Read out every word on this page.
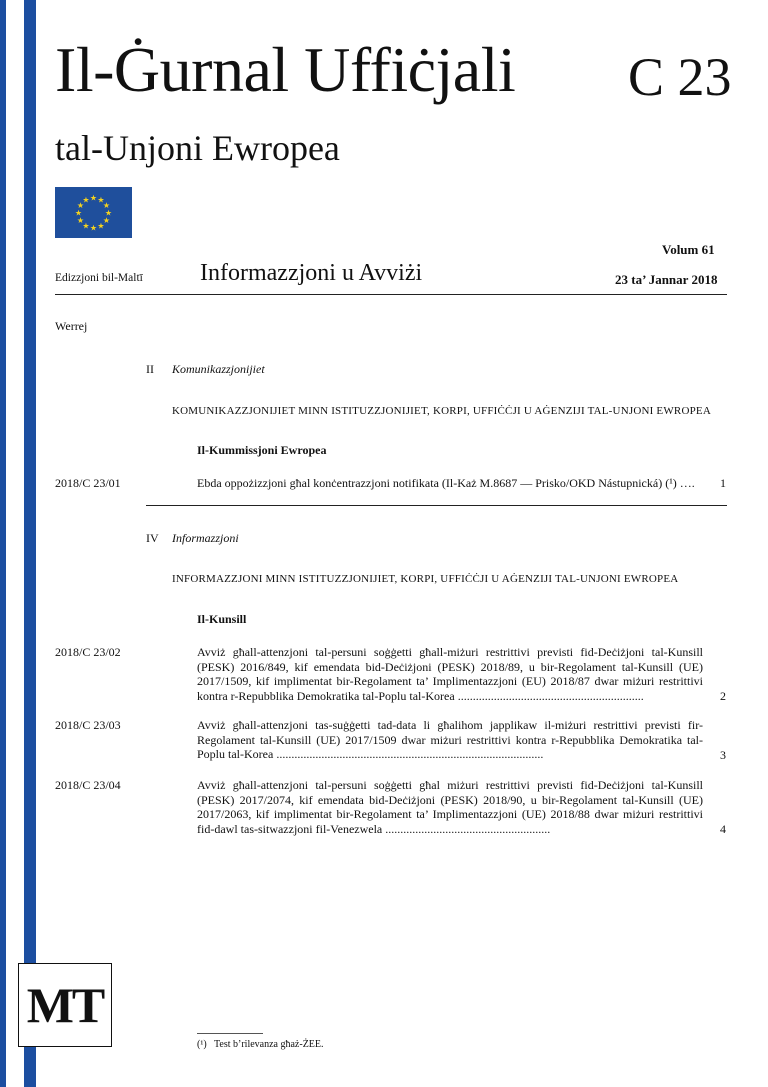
Il-Ġurnal Uffiċjali C 23
tal-Unjoni Ewropea
★ ★
★
★
★
★
★
★
★
★
★
★
Volum 61
Edizzjoni bil-Maltī Informazzjoni u Avviżi	23 ta’ Jannar 2018
Werrej
II Komunikazzjonijiet
KOMUNIKAZZJONIJIET MINN ISTITUZZJONIJIET, KORPI, UFFIĊĊJI U AĠENZIJI TAL-UNJONI EWROPEA
Il-Kummissjoni Ewropea
2018/C 23/01	Ebda oppożizzjoni għal konċentrazzjoni notifikata (Il-Każ M.8687 — Prisko/OKD Nástupnická) (¹) ….	1
IV Informazzjoni
INFORMAZZJONI MINN ISTITUZZJONIJIET, KORPI, UFFIĊĊJI U AĠENZIJI TAL-UNJONI EWROPEA
Il-Kunsill
2018/C 23/02	Avviż għall-attenzjoni tal-persuni soġġetti għall-miżuri restrittivi previsti fid-Deċiżjoni tal-Kunsill (PESK) 2016/849, kif emendata bid-Deċiżjoni (PESK) 2018/89, u bir-Regolament tal-Kunsill (UE) 2017/1509, kif implimentat bir-Regolament ta’ Implimentazzjoni (EU) 2018/87 dwar miżuri restrittivi kontra r-Repubblika Demokratika tal-Poplu tal-Korea ..............................................................	2
2018/C 23/03	Avviż għall-attenzjoni tas-suġġetti tad-data li għalihom japplikaw il-miżuri restrittivi previsti fir-Regolament tal-Kunsill (UE) 2017/1509 dwar miżuri restrittivi kontra r-Repubblika Demokratika tal-Poplu tal-Korea .........................................................................................	3
2018/C 23/04	Avviż għall-attenzjoni tal-persuni soġġetti għal miżuri restrittivi previsti fid-Deċiżjoni tal-Kunsill (PESK) 2017/2074, kif emendata bid-Deċiżjoni (PESK) 2018/90, u bir-Regolament tal-Kunsill (UE) 2017/2063, kif implimentat bir-Regolament ta’ Implimentazzjoni (UE) 2018/88 dwar miżuri restrittivi fid-dawl tas-sitwazzjoni fil-Venezwela .......................................................	4
MT
(¹) Test b’rilevanza għaż-ŻEE.
